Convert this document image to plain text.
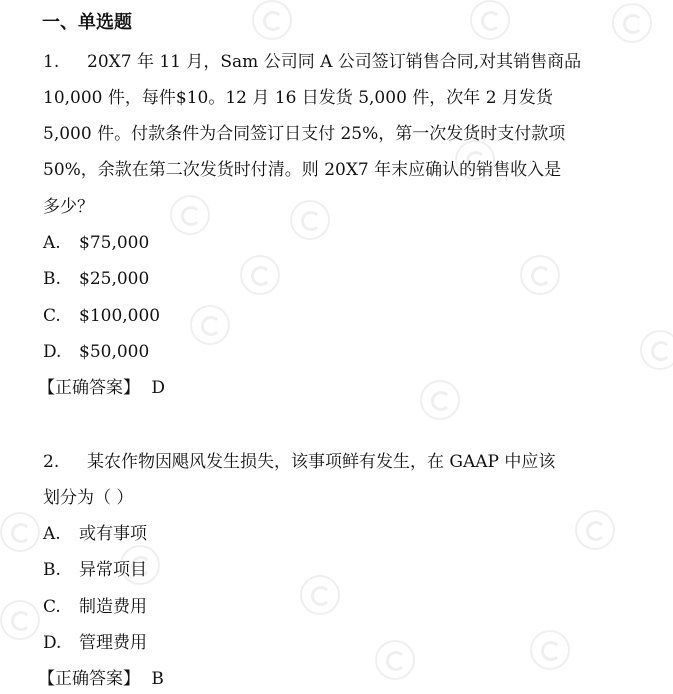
一、单选题
1. 20X7 年 11 月，Sam 公司同 A 公司签订销售合同,对其销售商品
10,000 件，每件$10。12 月 16 日发货 5,000 件，次年 2 月发货
5,000 件。付款条件为合同签订日支付 25%，第一次发货时支付款项
50%，余款在第二次发货时付清。则 20X7 年末应确认的销售收入是
多少？
A. $75,000
B. $25,000
C. $100,000
D. $50,000
【正确答案】 D
2. 某农作物因飓风发生损失，该事项鲜有发生，在 GAAP 中应该
划分为（ ）
A. 或有事项
B. 异常项目
C. 制造费用
D. 管理费用
【正确答案】 B
